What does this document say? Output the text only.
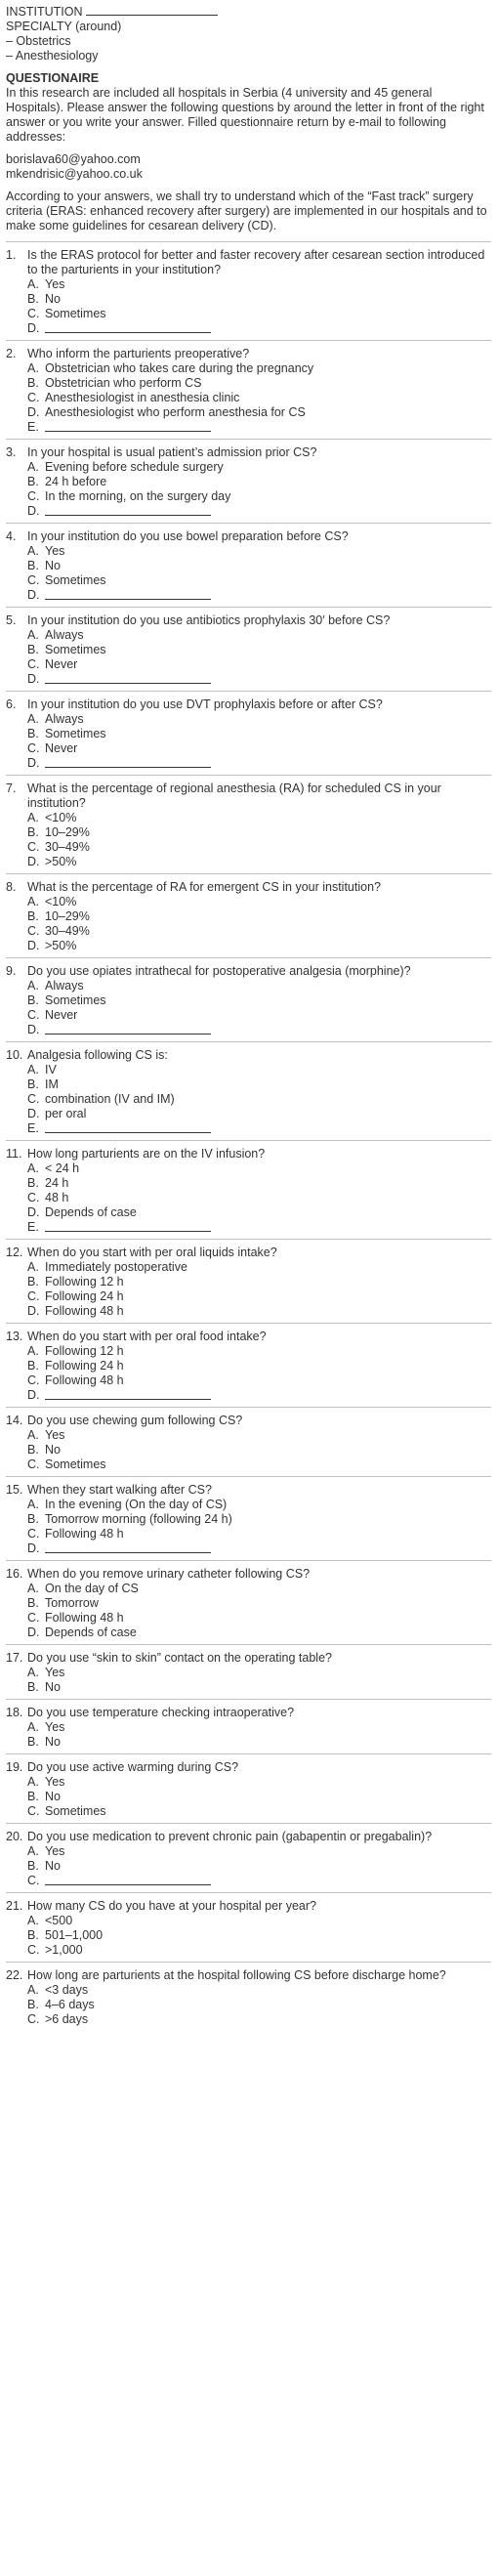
INSTITUTION
SPECIALTY (around)
– Obstetrics
– Anesthesiology
QUESTIONAIRE

In this research are included all hospitals in Serbia (4 university and 45 general Hospitals). Please answer the following questions by around the letter in front of the right answer or you write your answer. Filled questionnaire return by e-mail to following addresses:

borislava60@yahoo.com
mkendrisic@yahoo.co.uk

According to your answers, we shall try to understand which of the “Fast track” surgery criteria (ERAS: enhanced recovery after surgery) are implemented in our hospitals and to make some guidelines for cesarean delivery (CD).

1. Is the ERAS protocol for better and faster recovery after cesarean section introduced to the parturients in your institution?
A. Yes
B. No
C. Sometimes
D.
2. Who inform the parturients preoperative?
A. Obstetrician who takes care during the pregnancy
B. Obstetrician who perform CS
C. Anesthesiologist in anesthesia clinic
D. Anesthesiologist who perform anesthesia for CS
E.
3. In your hospital is usual patient’s admission prior CS?
A. Evening before schedule surgery
B. 24 h before
C. In the morning, on the surgery day
D.
4. In your institution do you use bowel preparation before CS?
A. Yes
B. No
C. Sometimes
D.
5. In your institution do you use antibiotics prophylaxis 30′ before CS?
A. Always
B. Sometimes
C. Never
D.
6. In your institution do you use DVT prophylaxis before or after CS?
A. Always
B. Sometimes
C. Never
D.
7. What is the percentage of regional anesthesia (RA) for scheduled CS in your institution?
A. <10%
B. 10–29%
C. 30–49%
D. >50%
8. What is the percentage of RA for emergent CS in your institution?
A. <10%
B. 10–29%
C. 30–49%
D. >50%
9. Do you use opiates intrathecal for postoperative analgesia (morphine)?
A. Always
B. Sometimes
C. Never
D.
10. Analgesia following CS is:
A. IV
B. IM
C. combination (IV and IM)
D. per oral
E.
11. How long parturients are on the IV infusion?
A. < 24 h
B. 24 h
C. 48 h
D. Depends of case
E.
12. When do you start with per oral liquids intake?
A. Immediately postoperative
B. Following 12 h
C. Following 24 h
D. Following 48 h
13. When do you start with per oral food intake?
A. Following 12 h
B. Following 24 h
C. Following 48 h
D.
14. Do you use chewing gum following CS?
A. Yes
B. No
C. Sometimes
15. When they start walking after CS?
A. In the evening (On the day of CS)
B. Tomorrow morning (following 24 h)
C. Following 48 h
D.
16. When do you remove urinary catheter following CS?
A. On the day of CS
B. Tomorrow
C. Following 48 h
D. Depends of case
17. Do you use “skin to skin” contact on the operating table?
A. Yes
B. No
18. Do you use temperature checking intraoperative?
A. Yes
B. No
19. Do you use active warming during CS?
A. Yes
B. No
C. Sometimes
20. Do you use medication to prevent chronic pain (gabapentin or pregabalin)?
A. Yes
B. No
C.
21. How many CS do you have at your hospital per year?
A. <500
B. 501–1,000
C. >1,000
22. How long are parturients at the hospital following CS before discharge home?
A. <3 days
B. 4–6 days
C. >6 days
